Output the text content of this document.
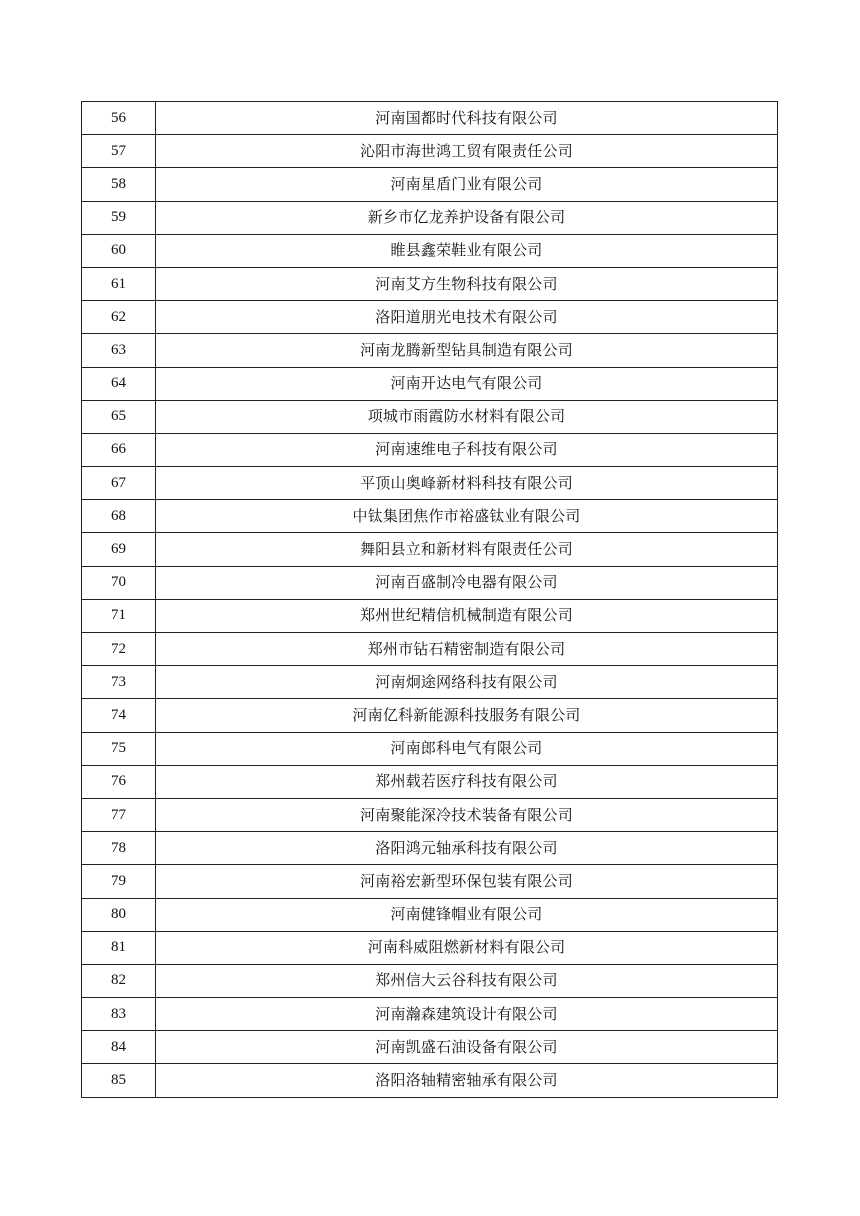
56	河南国都时代科技有限公司
57	沁阳市海世鸿工贸有限责任公司
58	河南星盾门业有限公司
59	新乡市亿龙养护设备有限公司
60	睢县鑫荣鞋业有限公司
61	河南艾方生物科技有限公司
62	洛阳道朋光电技术有限公司
63	河南龙腾新型钻具制造有限公司
64	河南开达电气有限公司
65	项城市雨霞防水材料有限公司
66	河南速维电子科技有限公司
67	平顶山奥峰新材料科技有限公司
68	中钛集团焦作市裕盛钛业有限公司
69	舞阳县立和新材料有限责任公司
70	河南百盛制冷电器有限公司
71	郑州世纪精信机械制造有限公司
72	郑州市钻石精密制造有限公司
73	河南炯途网络科技有限公司
74	河南亿科新能源科技服务有限公司
75	河南郎科电气有限公司
76	郑州载若医疗科技有限公司
77	河南聚能深冷技术装备有限公司
78	洛阳鸿元轴承科技有限公司
79	河南裕宏新型环保包装有限公司
80	河南健锋帽业有限公司
81	河南科威阻燃新材料有限公司
82	郑州信大云谷科技有限公司
83	河南瀚森建筑设计有限公司
84	河南凯盛石油设备有限公司
85	洛阳洛轴精密轴承有限公司
